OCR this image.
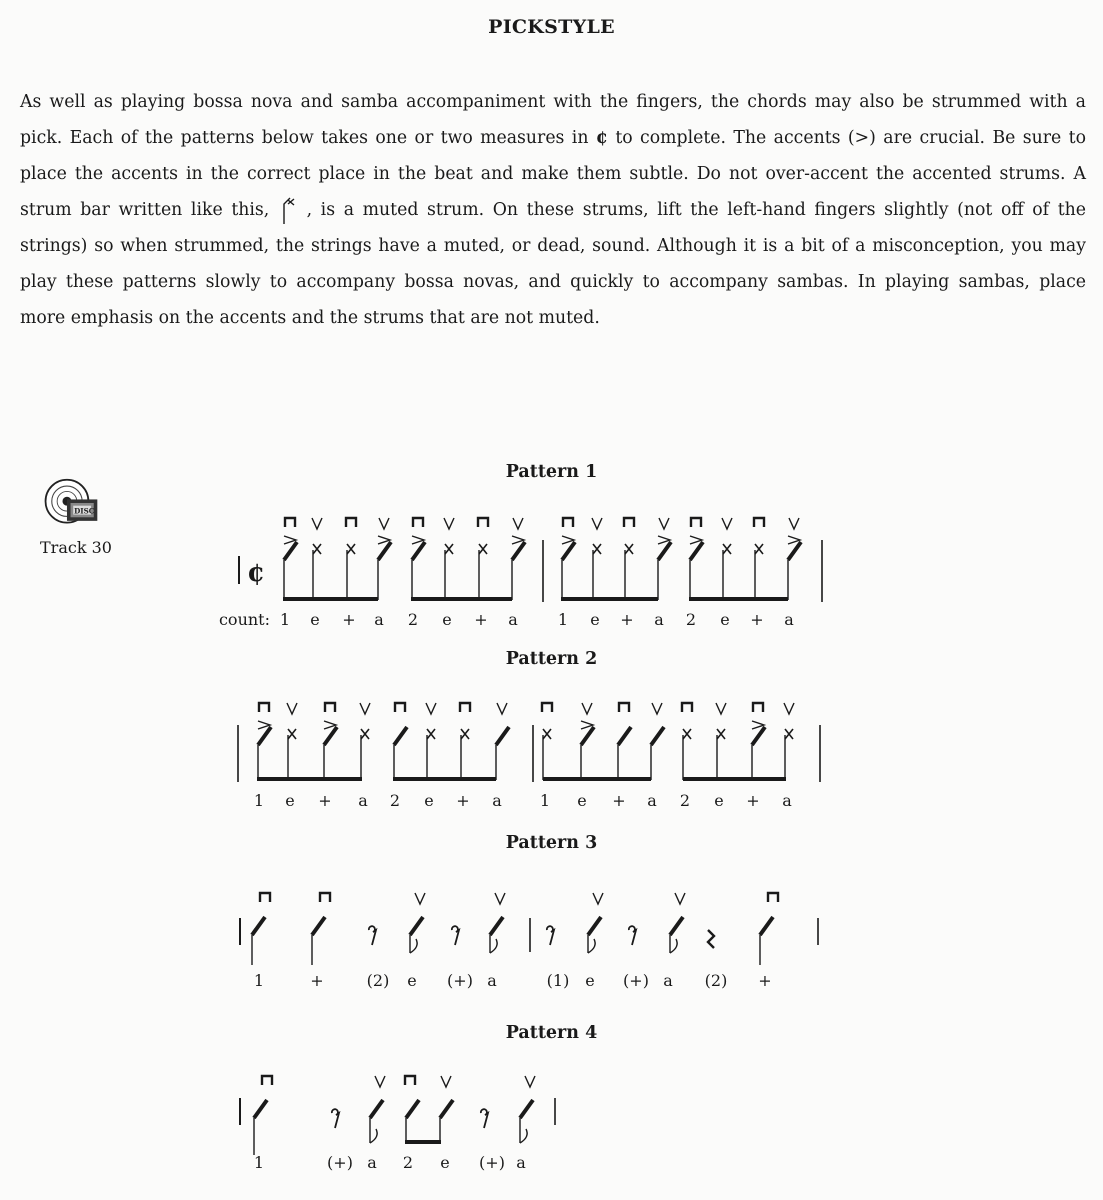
PICKSTYLE
As well as playing bossa nova and samba accompaniment with the fingers, the chords may also be strummed with a
pick. Each of the patterns below takes one or two measures in ¢ to complete. The accents (>) are crucial. Be sure to
place the accents in the correct place in the beat and make them subtle. Do not over-accent the accented strums. A
strum bar written like this, , is a muted strum. On these strums, lift the left-hand fingers slightly (not off of the
strings) so when strummed, the strings have a muted, or dead, sound. Although it is a bit of a misconception, you may
play these patterns slowly to accompany bossa novas, and quickly to accompany sambas. In playing sambas, place
more emphasis on the accents and the strums that are not muted.
DISC
Track 30
Pattern 1
Pattern 2
Pattern 3
Pattern 4
1 e + a 2 e + a	1 e + a 2 e + a
¢
count:
1 e + a 2 e + a 1 e + a 2 e + a
1	+	(2) e (+) a	(1) e (+) a (2) +
1	(+) a 2 e (+) a
